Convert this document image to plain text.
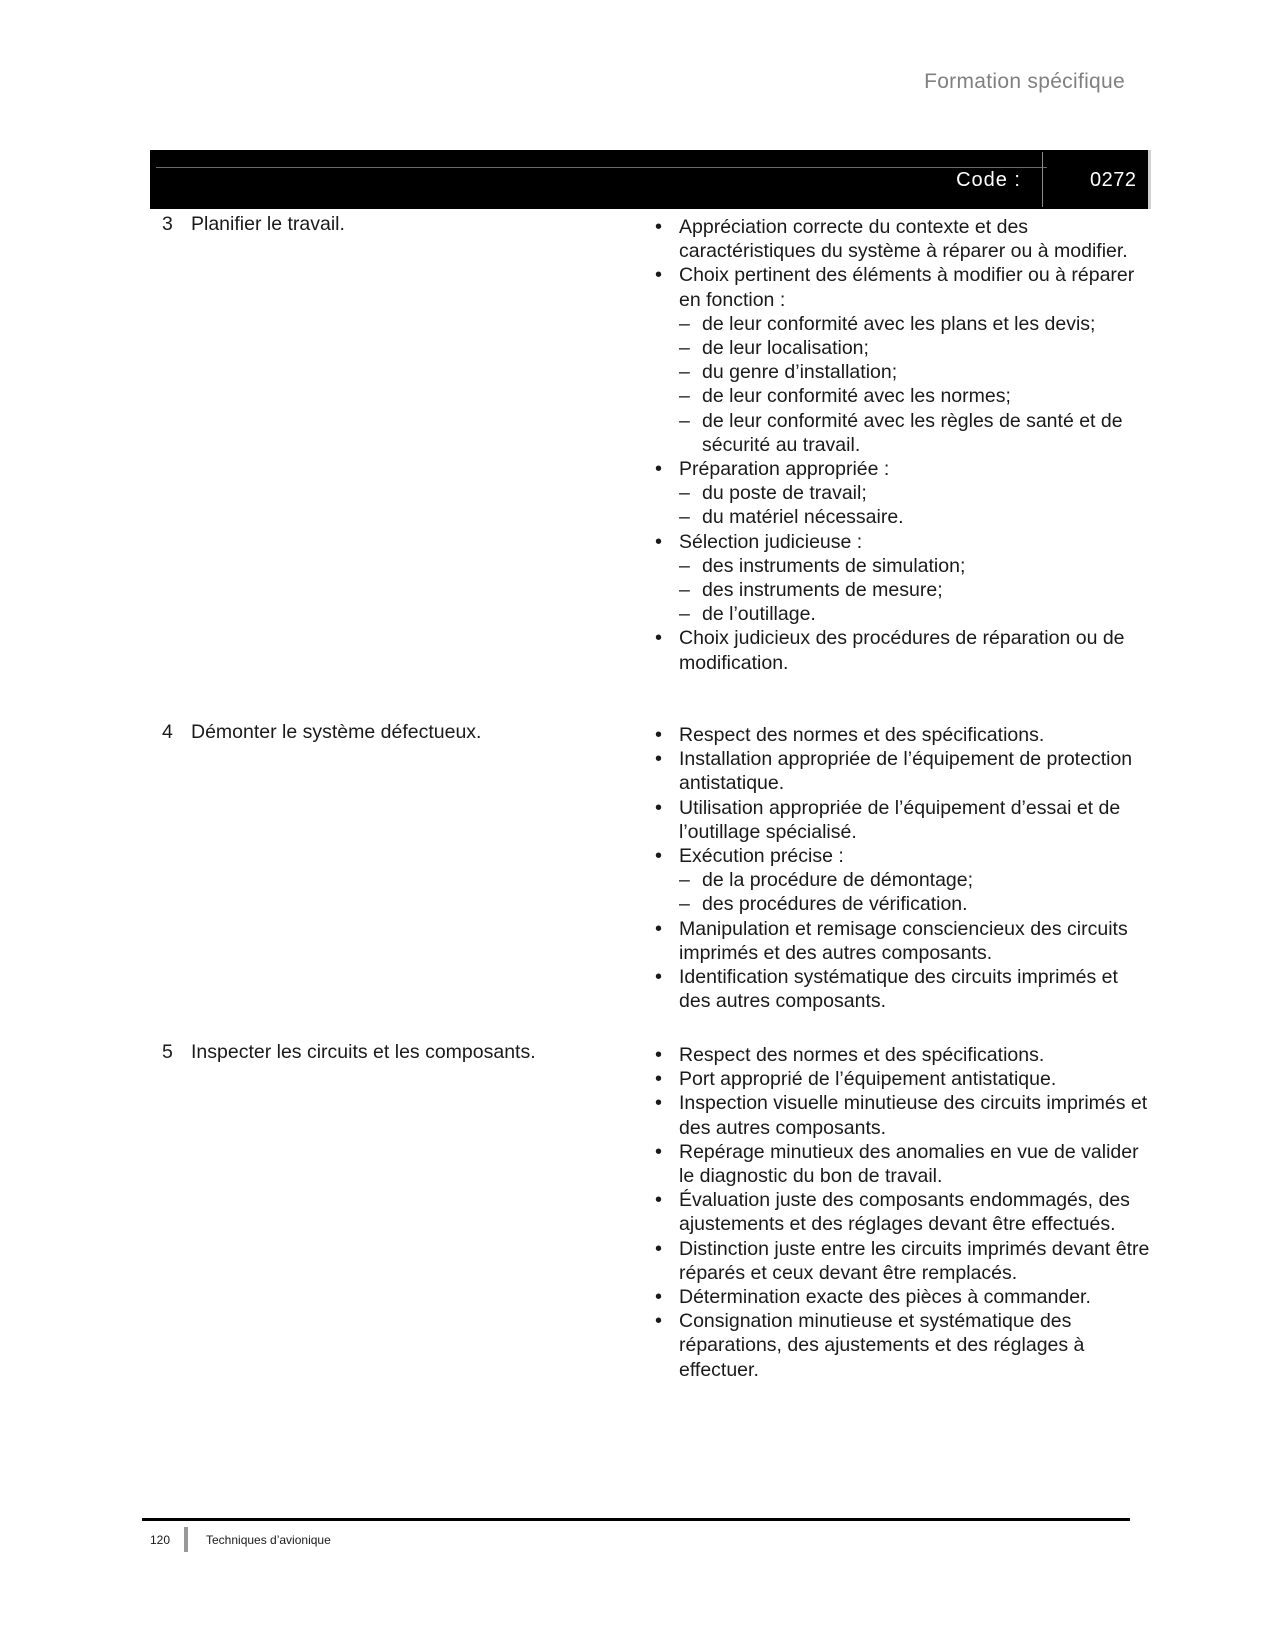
Formation spécifique
Code :	0272
3 Planifier le travail.	• Appréciation correcte du contexte et des caractéristiques du système à réparer ou à modifier.
• Choix pertinent des éléments à modifier ou à réparer en fonction :
– de leur conformité avec les plans et les devis;
– de leur localisation;
– du genre d’installation;
– de leur conformité avec les normes;
– de leur conformité avec les règles de santé et de sécurité au travail.
• Préparation appropriée :
– du poste de travail;
– du matériel nécessaire.
• Sélection judicieuse :
– des instruments de simulation;
– des instruments de mesure;
– de l’outillage.
• Choix judicieux des procédures de réparation ou de modification.
4 Démonter le système défectueux.	• Respect des normes et des spécifications.
• Installation appropriée de l’équipement de protection antistatique.
• Utilisation appropriée de l’équipement d’essai et de l’outillage spécialisé.
• Exécution précise :
– de la procédure de démontage;
– des procédures de vérification.
• Manipulation et remisage consciencieux des circuits imprimés et des autres composants.
• Identification systématique des circuits imprimés et des autres composants.
5 Inspecter les circuits et les composants.	• Respect des normes et des spécifications.
• Port approprié de l’équipement antistatique.
• Inspection visuelle minutieuse des circuits imprimés et des autres composants.
• Repérage minutieux des anomalies en vue de valider le diagnostic du bon de travail.
• Évaluation juste des composants endommagés, des ajustements et des réglages devant être effectués.
• Distinction juste entre les circuits imprimés devant être réparés et ceux devant être remplacés.
• Détermination exacte des pièces à commander.
• Consignation minutieuse et systématique des réparations, des ajustements et des réglages à effectuer.
120	Techniques d’avionique
